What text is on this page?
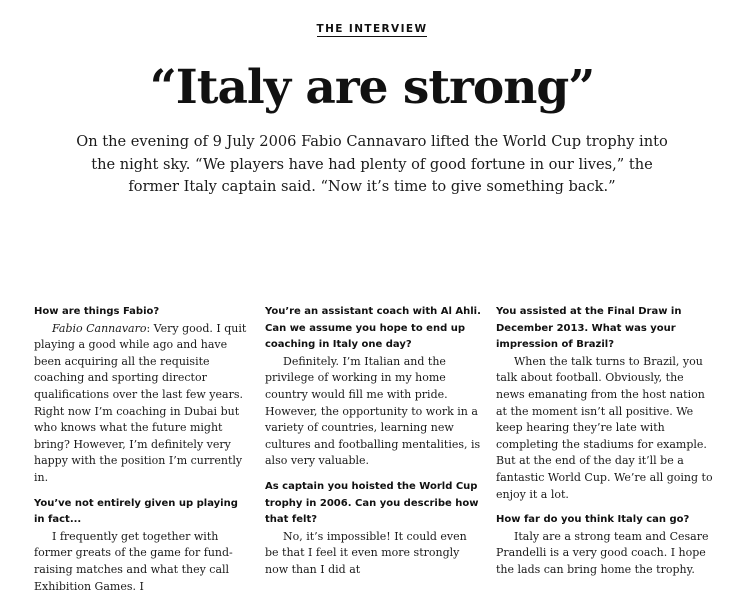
THE INTERVIEW
“Italy are strong”

On the evening of 9 July 2006 Fabio Cannavaro lifted the World Cup trophy into the night sky. “We players have had plenty of good fortune in our lives,” the former Italy captain said. “Now it’s time to give something back.”

How are things Fabio?

Fabio Cannavaro: Very good. I quit playing a good while ago and have been acquiring all the requisite coaching and sporting director qualifications over the last few years. Right now I’m coaching in Dubai but who knows what the future might bring? However, I’m definitely very happy with the position I’m currently in.

You’ve not entirely given up playing in fact...

I frequently get together with former greats of the game for fund-raising matches and what they call Exhibition Games. I

You’re an assistant coach with Al Ahli. Can we assume you hope to end up coaching in Italy one day?

Definitely. I’m Italian and the privilege of working in my home country would fill me with pride. However, the opportunity to work in a variety of countries, learning new cultures and footballing mentalities, is also very valuable.

As captain you hoisted the World Cup trophy in 2006. Can you describe how that felt?

No, it’s impossible! It could even be that I feel it even more strongly now than I did at

You assisted at the Final Draw in December 2013. What was your impression of Brazil?

When the talk turns to Brazil, you talk about football. Obviously, the news emanating from the host nation at the moment isn’t all positive. We keep hearing they’re late with completing the stadiums for example. But at the end of the day it’ll be a fantastic World Cup. We’re all going to enjoy it a lot.

How far do you think Italy can go?

Italy are a strong team and Cesare Prandelli is a very good coach. I hope the lads can bring home the trophy.
